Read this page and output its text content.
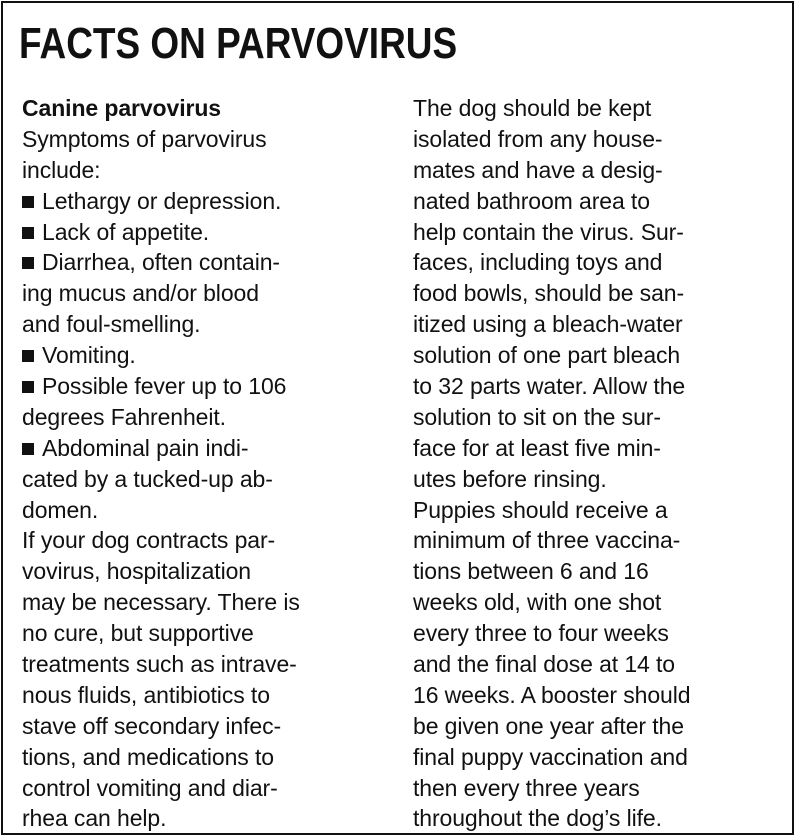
FACTS ON PARVOVIRUS
Canine parvovirus
Symptoms of parvovirus
include:
Lethargy or depression.
Lack of appetite.
Diarrhea, often contain-
ing mucus and/or blood
and foul-smelling.
Vomiting.
Possible fever up to 106
degrees Fahrenheit.
Abdominal pain indi-
cated by a tucked-up ab-
domen.
If your dog contracts par-
vovirus, hospitalization
may be necessary. There is
no cure, but supportive
treatments such as intrave-
nous fluids, antibiotics to
stave off secondary infec-
tions, and medications to
control vomiting and diar-
rhea can help.
The dog should be kept
isolated from any house-
mates and have a desig-
nated bathroom area to
help contain the virus. Sur-
faces, including toys and
food bowls, should be san-
itized using a bleach-water
solution of one part bleach
to 32 parts water. Allow the
solution to sit on the sur-
face for at least five min-
utes before rinsing.
Puppies should receive a
minimum of three vaccina-
tions between 6 and 16
weeks old, with one shot
every three to four weeks
and the final dose at 14 to
16 weeks. A booster should
be given one year after the
final puppy vaccination and
then every three years
throughout the dog’s life.
